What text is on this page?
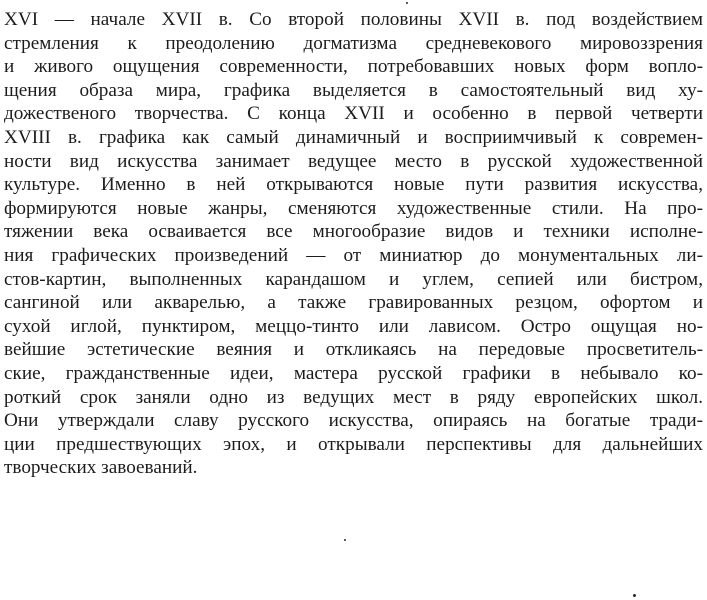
XVI — начале XVII в. Со второй половины XVII в. под воздействием
стремления к преодолению догматизма средневекового мировоззрения
и живого ощущения современности, потребовавших новых форм вопло-
щения образа мира, графика выделяется в самостоятельный вид ху-
дожественого творчества. С конца XVII и особенно в первой четверти
XVIII в. графика как самый динамичный и восприимчивый к современ-
ности вид искусства занимает ведущее место в русской художественной
культуре. Именно в ней открываются новые пути развития искусства,
формируются новые жанры, сменяются художественные стили. На про-
тяжении века осваивается все многообразие видов и техники исполне-
ния графических произведений — от миниатюр до монументальных ли-
стов-картин, выполненных карандашом и углем, сепией или бистром,
сангиной или акварелью, а также гравированных резцом, офортом и
сухой иглой, пунктиром, меццо-тинто или лависом. Остро ощущая но-
вейшие эстетические веяния и откликаясь на передовые просветитель-
ские, гражданственные идеи, мастера русской графики в небывало ко-
роткий срок заняли одно из ведущих мест в ряду европейских школ.
Они утверждали славу русского искусства, опираясь на богатые тради-
ции предшествующих эпох, и открывали перспективы для дальнейших
творческих завоеваний.
